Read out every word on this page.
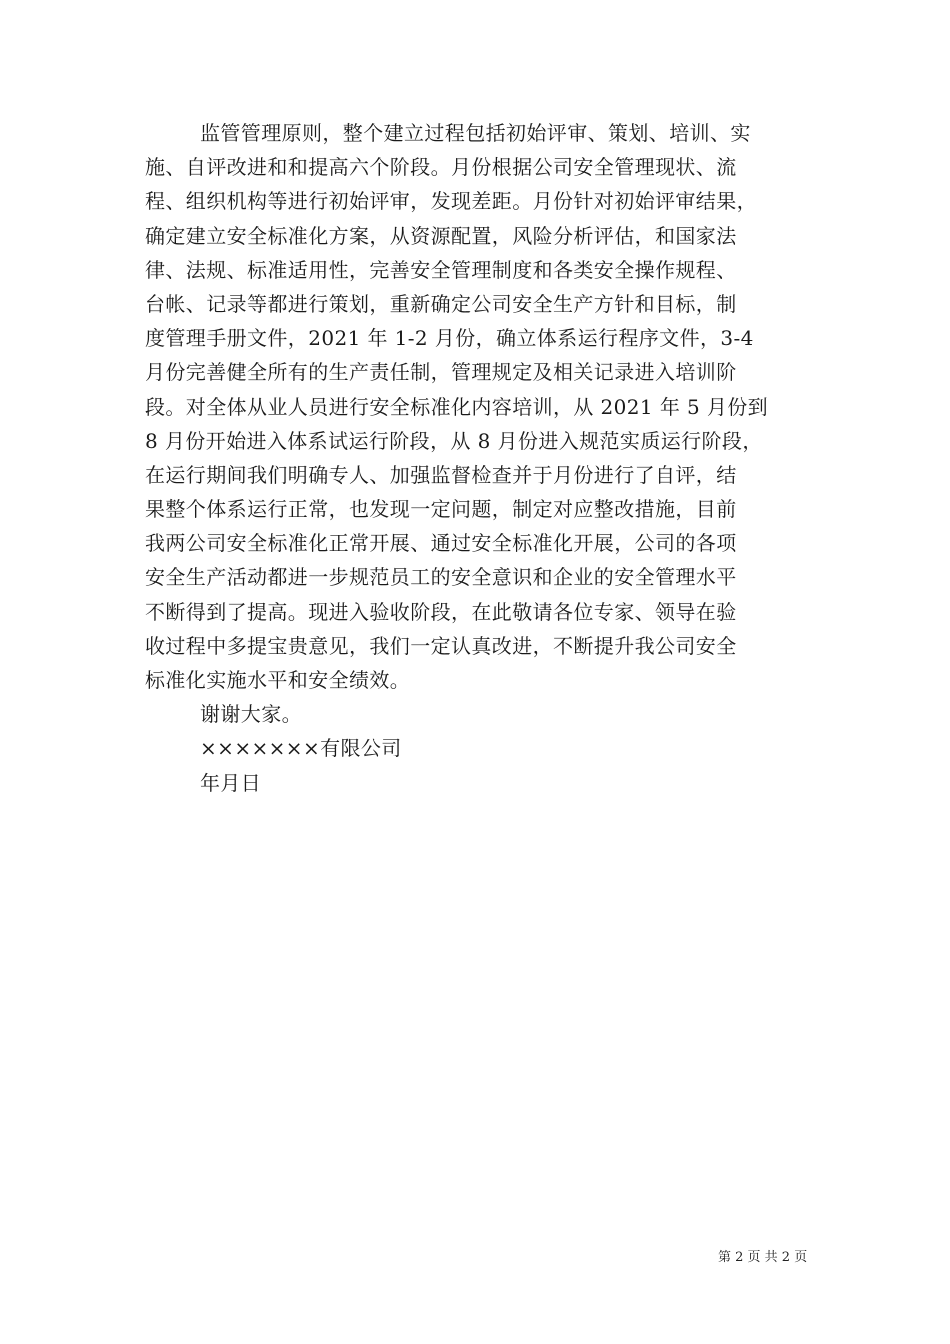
监管管理原则，整个建立过程包括初始评审、策划、培训、实
施、自评改进和和提高六个阶段。月份根据公司安全管理现状、流
程、组织机构等进行初始评审，发现差距。月份针对初始评审结果，
确定建立安全标准化方案，从资源配置，风险分析评估，和国家法
律、法规、标准适用性，完善安全管理制度和各类安全操作规程、
台帐、记录等都进行策划，重新确定公司安全生产方针和目标，制
度管理手册文件，2021 年 1-2 月份，确立体系运行程序文件，3-4
月份完善健全所有的生产责任制，管理规定及相关记录进入培训阶
段。对全体从业人员进行安全标准化内容培训，从 2021 年 5 月份到
8 月份开始进入体系试运行阶段，从 8 月份进入规范实质运行阶段，
在运行期间我们明确专人、加强监督检查并于月份进行了自评，结
果整个体系运行正常，也发现一定问题，制定对应整改措施，目前
我两公司安全标准化正常开展、通过安全标准化开展，公司的各项
安全生产活动都进一步规范员工的安全意识和企业的安全管理水平
不断得到了提高。现进入验收阶段，在此敬请各位专家、领导在验
收过程中多提宝贵意见，我们一定认真改进，不断提升我公司安全
标准化实施水平和安全绩效。
谢谢大家。
×××××××有限公司
年月日
第 2 页 共 2 页
